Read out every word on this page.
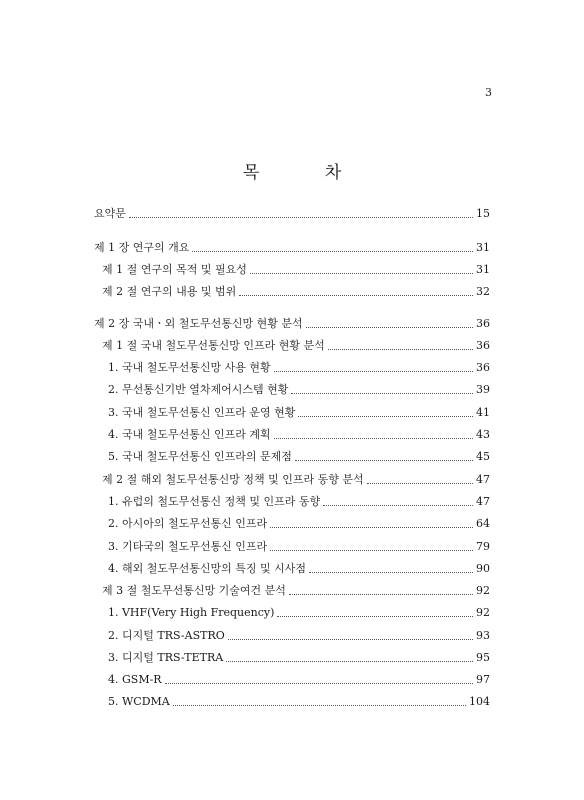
3
목 차
요약문	15
제 1 장 연구의 개요	31
제 1 절 연구의 목적 및 필요성	31
제 2 절 연구의 내용 및 범위	32
제 2 장 국내ㆍ외 철도무선통신망 현황 분석	36
제 1 절 국내 철도무선통신망 인프라 현황 분석	36
1. 국내 철도무선통신망 사용 현황	36
2. 무선통신기반 열차제어시스템 현황	39
3. 국내 철도무선통신 인프라 운영 현황	41
4. 국내 철도무선통신 인프라 계획	43
5. 국내 철도무선통신 인프라의 문제점	45
제 2 절 해외 철도무선통신망 정책 및 인프라 동향 분석	47
1. 유럽의 철도무선통신 정책 및 인프라 동향	47
2. 아시아의 철도무선통신 인프라	64
3. 기타국의 철도무선통신 인프라	79
4. 해외 철도무선통신망의 특징 및 시사점	90
제 3 절 철도무선통신망 기술여건 분석	92
1. VHF(Very High Frequency)	92
2. 디지털 TRS-ASTRO	93
3. 디지털 TRS-TETRA	95
4. GSM-R	97
5. WCDMA	104
